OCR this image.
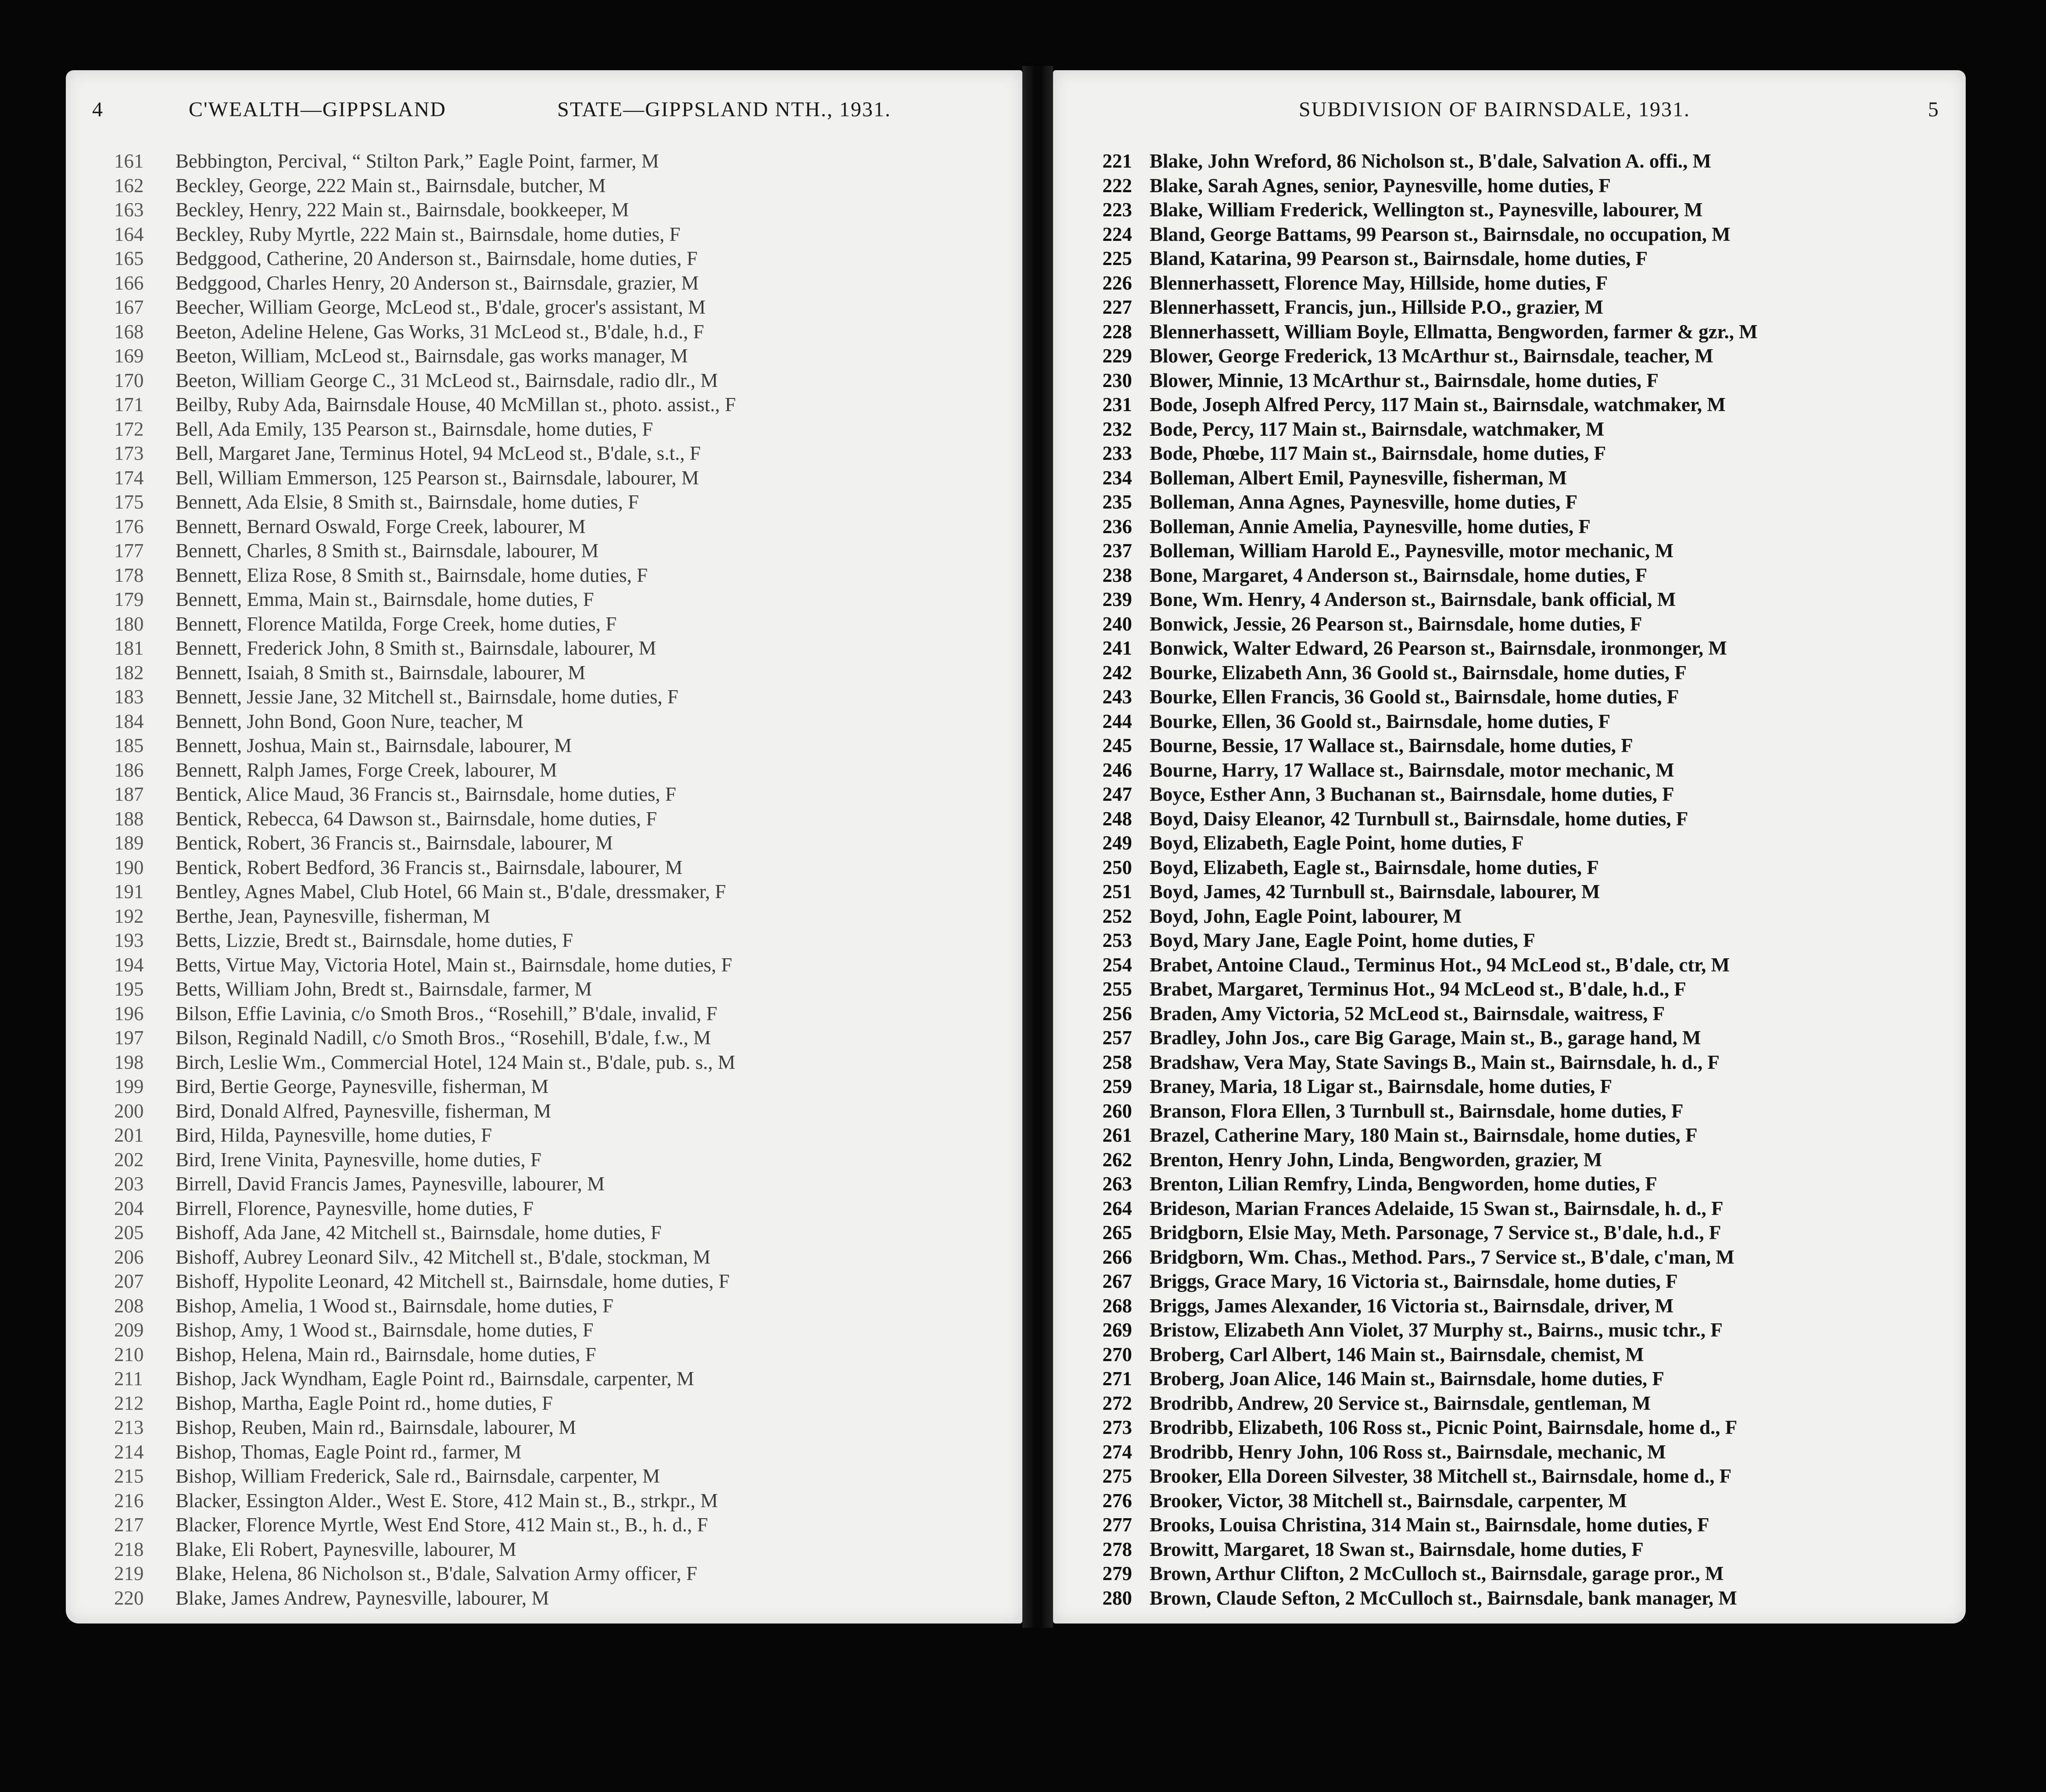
4	C'WEALTH—GIPPSLAND	STATE—GIPPSLAND NTH., 1931.
161	Bebbington, Percival, “ Stilton Park,” Eagle Point, farmer, M
162	Beckley, George, 222 Main st., Bairnsdale, butcher, M
163	Beckley, Henry, 222 Main st., Bairnsdale, bookkeeper, M
164	Beckley, Ruby Myrtle, 222 Main st., Bairnsdale, home duties, F
165	Bedggood, Catherine, 20 Anderson st., Bairnsdale, home duties, F
166	Bedggood, Charles Henry, 20 Anderson st., Bairnsdale, grazier, M
167	Beecher, William George, McLeod st., B'dale, grocer's assistant, M
168	Beeton, Adeline Helene, Gas Works, 31 McLeod st., B'dale, h.d., F
169	Beeton, William, McLeod st., Bairnsdale, gas works manager, M
170	Beeton, William George C., 31 McLeod st., Bairnsdale, radio dlr., M
171	Beilby, Ruby Ada, Bairnsdale House, 40 McMillan st., photo. assist., F
172	Bell, Ada Emily, 135 Pearson st., Bairnsdale, home duties, F
173	Bell, Margaret Jane, Terminus Hotel, 94 McLeod st., B'dale, s.t., F
174	Bell, William Emmerson, 125 Pearson st., Bairnsdale, labourer, M
175	Bennett, Ada Elsie, 8 Smith st., Bairnsdale, home duties, F
176	Bennett, Bernard Oswald, Forge Creek, labourer, M
177	Bennett, Charles, 8 Smith st., Bairnsdale, labourer, M
178	Bennett, Eliza Rose, 8 Smith st., Bairnsdale, home duties, F
179	Bennett, Emma, Main st., Bairnsdale, home duties, F
180	Bennett, Florence Matilda, Forge Creek, home duties, F
181	Bennett, Frederick John, 8 Smith st., Bairnsdale, labourer, M
182	Bennett, Isaiah, 8 Smith st., Bairnsdale, labourer, M
183	Bennett, Jessie Jane, 32 Mitchell st., Bairnsdale, home duties, F
184	Bennett, John Bond, Goon Nure, teacher, M
185	Bennett, Joshua, Main st., Bairnsdale, labourer, M
186	Bennett, Ralph James, Forge Creek, labourer, M
187	Bentick, Alice Maud, 36 Francis st., Bairnsdale, home duties, F
188	Bentick, Rebecca, 64 Dawson st., Bairnsdale, home duties, F
189	Bentick, Robert, 36 Francis st., Bairnsdale, labourer, M
190	Bentick, Robert Bedford, 36 Francis st., Bairnsdale, labourer, M
191	Bentley, Agnes Mabel, Club Hotel, 66 Main st., B'dale, dressmaker, F
192	Berthe, Jean, Paynesville, fisherman, M
193	Betts, Lizzie, Bredt st., Bairnsdale, home duties, F
194	Betts, Virtue May, Victoria Hotel, Main st., Bairnsdale, home duties, F
195	Betts, William John, Bredt st., Bairnsdale, farmer, M
196	Bilson, Effie Lavinia, c/o Smoth Bros., “Rosehill,” B'dale, invalid, F
197	Bilson, Reginald Nadill, c/o Smoth Bros., “Rosehill, B'dale, f.w., M
198	Birch, Leslie Wm., Commercial Hotel, 124 Main st., B'dale, pub. s., M
199	Bird, Bertie George, Paynesville, fisherman, M
200	Bird, Donald Alfred, Paynesville, fisherman, M
201	Bird, Hilda, Paynesville, home duties, F
202	Bird, Irene Vinita, Paynesville, home duties, F
203	Birrell, David Francis James, Paynesville, labourer, M
204	Birrell, Florence, Paynesville, home duties, F
205	Bishoff, Ada Jane, 42 Mitchell st., Bairnsdale, home duties, F
206	Bishoff, Aubrey Leonard Silv., 42 Mitchell st., B'dale, stockman, M
207	Bishoff, Hypolite Leonard, 42 Mitchell st., Bairnsdale, home duties, F
208	Bishop, Amelia, 1 Wood st., Bairnsdale, home duties, F
209	Bishop, Amy, 1 Wood st., Bairnsdale, home duties, F
210	Bishop, Helena, Main rd., Bairnsdale, home duties, F
211	Bishop, Jack Wyndham, Eagle Point rd., Bairnsdale, carpenter, M
212	Bishop, Martha, Eagle Point rd., home duties, F
213	Bishop, Reuben, Main rd., Bairnsdale, labourer, M
214	Bishop, Thomas, Eagle Point rd., farmer, M
215	Bishop, William Frederick, Sale rd., Bairnsdale, carpenter, M
216	Blacker, Essington Alder., West E. Store, 412 Main st., B., strkpr., M
217	Blacker, Florence Myrtle, West End Store, 412 Main st., B., h. d., F
218	Blake, Eli Robert, Paynesville, labourer, M
219	Blake, Helena, 86 Nicholson st., B'dale, Salvation Army officer, F
220	Blake, James Andrew, Paynesville, labourer, M
SUBDIVISION OF BAIRNSDALE, 1931.	5
221 Blake, John Wreford, 86 Nicholson st., B'dale, Salvation A. offi., M
222 Blake, Sarah Agnes, senior, Paynesville, home duties, F
223 Blake, William Frederick, Wellington st., Paynesville, labourer, M
224 Bland, George Battams, 99 Pearson st., Bairnsdale, no occupation, M
225 Bland, Katarina, 99 Pearson st., Bairnsdale, home duties, F
226 Blennerhassett, Florence May, Hillside, home duties, F
227 Blennerhassett, Francis, jun., Hillside P.O., grazier, M
228 Blennerhassett, William Boyle, Ellmatta, Bengworden, farmer & gzr., M
229 Blower, George Frederick, 13 McArthur st., Bairnsdale, teacher, M
230 Blower, Minnie, 13 McArthur st., Bairnsdale, home duties, F
231 Bode, Joseph Alfred Percy, 117 Main st., Bairnsdale, watchmaker, M
232 Bode, Percy, 117 Main st., Bairnsdale, watchmaker, M
233 Bode, Phœbe, 117 Main st., Bairnsdale, home duties, F
234 Bolleman, Albert Emil, Paynesville, fisherman, M
235 Bolleman, Anna Agnes, Paynesville, home duties, F
236 Bolleman, Annie Amelia, Paynesville, home duties, F
237 Bolleman, William Harold E., Paynesville, motor mechanic, M
238 Bone, Margaret, 4 Anderson st., Bairnsdale, home duties, F
239 Bone, Wm. Henry, 4 Anderson st., Bairnsdale, bank official, M
240 Bonwick, Jessie, 26 Pearson st., Bairnsdale, home duties, F
241 Bonwick, Walter Edward, 26 Pearson st., Bairnsdale, ironmonger, M
242 Bourke, Elizabeth Ann, 36 Goold st., Bairnsdale, home duties, F
243 Bourke, Ellen Francis, 36 Goold st., Bairnsdale, home duties, F
244 Bourke, Ellen, 36 Goold st., Bairnsdale, home duties, F
245 Bourne, Bessie, 17 Wallace st., Bairnsdale, home duties, F
246 Bourne, Harry, 17 Wallace st., Bairnsdale, motor mechanic, M
247 Boyce, Esther Ann, 3 Buchanan st., Bairnsdale, home duties, F
248 Boyd, Daisy Eleanor, 42 Turnbull st., Bairnsdale, home duties, F
249 Boyd, Elizabeth, Eagle Point, home duties, F
250 Boyd, Elizabeth, Eagle st., Bairnsdale, home duties, F
251 Boyd, James, 42 Turnbull st., Bairnsdale, labourer, M
252 Boyd, John, Eagle Point, labourer, M
253 Boyd, Mary Jane, Eagle Point, home duties, F
254 Brabet, Antoine Claud., Terminus Hot., 94 McLeod st., B'dale, ctr, M
255 Brabet, Margaret, Terminus Hot., 94 McLeod st., B'dale, h.d., F
256 Braden, Amy Victoria, 52 McLeod st., Bairnsdale, waitress, F
257 Bradley, John Jos., care Big Garage, Main st., B., garage hand, M
258 Bradshaw, Vera May, State Savings B., Main st., Bairnsdale, h. d., F
259 Braney, Maria, 18 Ligar st., Bairnsdale, home duties, F
260 Branson, Flora Ellen, 3 Turnbull st., Bairnsdale, home duties, F
261 Brazel, Catherine Mary, 180 Main st., Bairnsdale, home duties, F
262 Brenton, Henry John, Linda, Bengworden, grazier, M
263 Brenton, Lilian Remfry, Linda, Bengworden, home duties, F
264 Brideson, Marian Frances Adelaide, 15 Swan st., Bairnsdale, h. d., F
265 Bridgborn, Elsie May, Meth. Parsonage, 7 Service st., B'dale, h.d., F
266 Bridgborn, Wm. Chas., Method. Pars., 7 Service st., B'dale, c'man, M
267 Briggs, Grace Mary, 16 Victoria st., Bairnsdale, home duties, F
268 Briggs, James Alexander, 16 Victoria st., Bairnsdale, driver, M
269 Bristow, Elizabeth Ann Violet, 37 Murphy st., Bairns., music tchr., F
270 Broberg, Carl Albert, 146 Main st., Bairnsdale, chemist, M
271 Broberg, Joan Alice, 146 Main st., Bairnsdale, home duties, F
272 Brodribb, Andrew, 20 Service st., Bairnsdale, gentleman, M
273 Brodribb, Elizabeth, 106 Ross st., Picnic Point, Bairnsdale, home d., F
274 Brodribb, Henry John, 106 Ross st., Bairnsdale, mechanic, M
275 Brooker, Ella Doreen Silvester, 38 Mitchell st., Bairnsdale, home d., F
276 Brooker, Victor, 38 Mitchell st., Bairnsdale, carpenter, M
277 Brooks, Louisa Christina, 314 Main st., Bairnsdale, home duties, F
278 Browitt, Margaret, 18 Swan st., Bairnsdale, home duties, F
279 Brown, Arthur Clifton, 2 McCulloch st., Bairnsdale, garage pror., M
280 Brown, Claude Sefton, 2 McCulloch st., Bairnsdale, bank manager, M
